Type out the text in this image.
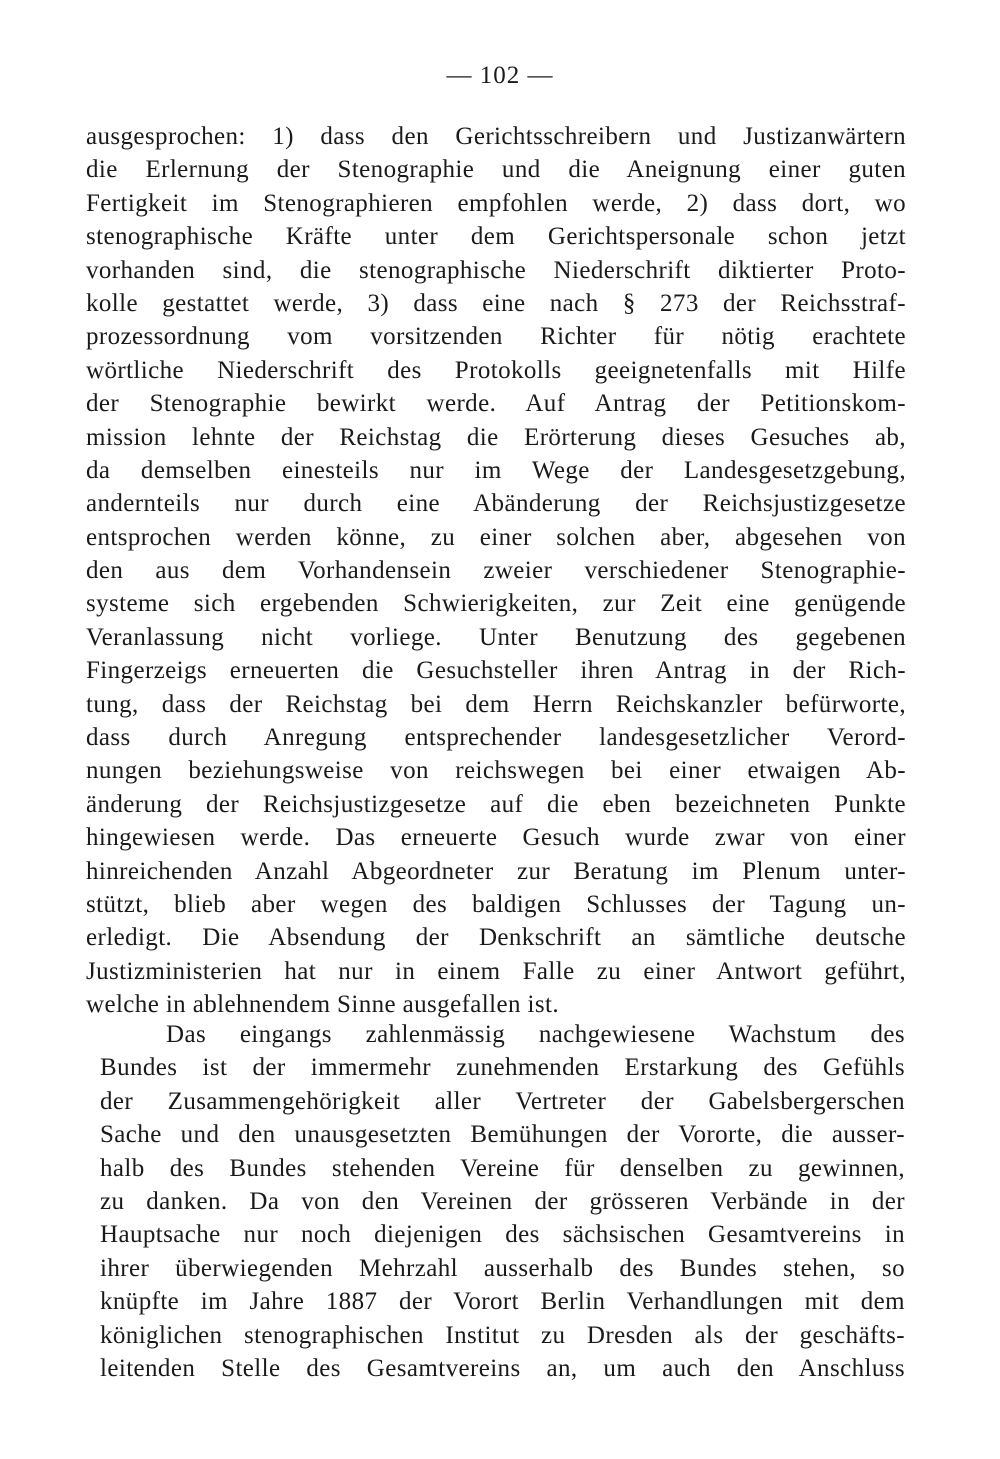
— 102 —
ausgesprochen: 1) dass den Gerichtsschreibern und Justizanwärtern
die Erlernung der Stenographie und die Aneignung einer guten
Fertigkeit im Stenographieren empfohlen werde, 2) dass dort, wo
stenographische Kräfte unter dem Gerichtspersonale schon jetzt
vorhanden sind, die stenographische Niederschrift diktierter Proto-
kolle gestattet werde, 3) dass eine nach § 273 der Reichsstraf-
prozessordnung vom vorsitzenden Richter für nötig erachtete
wörtliche Niederschrift des Protokolls geeignetenfalls mit Hilfe
der Stenographie bewirkt werde. Auf Antrag der Petitionskom-
mission lehnte der Reichstag die Erörterung dieses Gesuches ab,
da demselben einesteils nur im Wege der Landesgesetzgebung,
andernteils nur durch eine Abänderung der Reichsjustizgesetze
entsprochen werden könne, zu einer solchen aber, abgesehen von
den aus dem Vorhandensein zweier verschiedener Stenographie-
systeme sich ergebenden Schwierigkeiten, zur Zeit eine genügende
Veranlassung nicht vorliege. Unter Benutzung des gegebenen
Fingerzeigs erneuerten die Gesuchsteller ihren Antrag in der Rich-
tung, dass der Reichstag bei dem Herrn Reichskanzler befürworte,
dass durch Anregung entsprechender landesgesetzlicher Verord-
nungen beziehungsweise von reichswegen bei einer etwaigen Ab-
änderung der Reichsjustizgesetze auf die eben bezeichneten Punkte
hingewiesen werde. Das erneuerte Gesuch wurde zwar von einer
hinreichenden Anzahl Abgeordneter zur Beratung im Plenum unter-
stützt, blieb aber wegen des baldigen Schlusses der Tagung un-
erledigt. Die Absendung der Denkschrift an sämtliche deutsche
Justizministerien hat nur in einem Falle zu einer Antwort geführt,
welche in ablehnendem Sinne ausgefallen ist.
Das eingangs zahlenmässig nachgewiesene Wachstum des
Bundes ist der immermehr zunehmenden Erstarkung des Gefühls
der Zusammengehörigkeit aller Vertreter der Gabelsbergerschen
Sache und den unausgesetzten Bemühungen der Vororte, die ausser-
halb des Bundes stehenden Vereine für denselben zu gewinnen,
zu danken. Da von den Vereinen der grösseren Verbände in der
Hauptsache nur noch diejenigen des sächsischen Gesamtvereins in
ihrer überwiegenden Mehrzahl ausserhalb des Bundes stehen, so
knüpfte im Jahre 1887 der Vorort Berlin Verhandlungen mit dem
königlichen stenographischen Institut zu Dresden als der geschäfts-
leitenden Stelle des Gesamtvereins an, um auch den Anschluss
